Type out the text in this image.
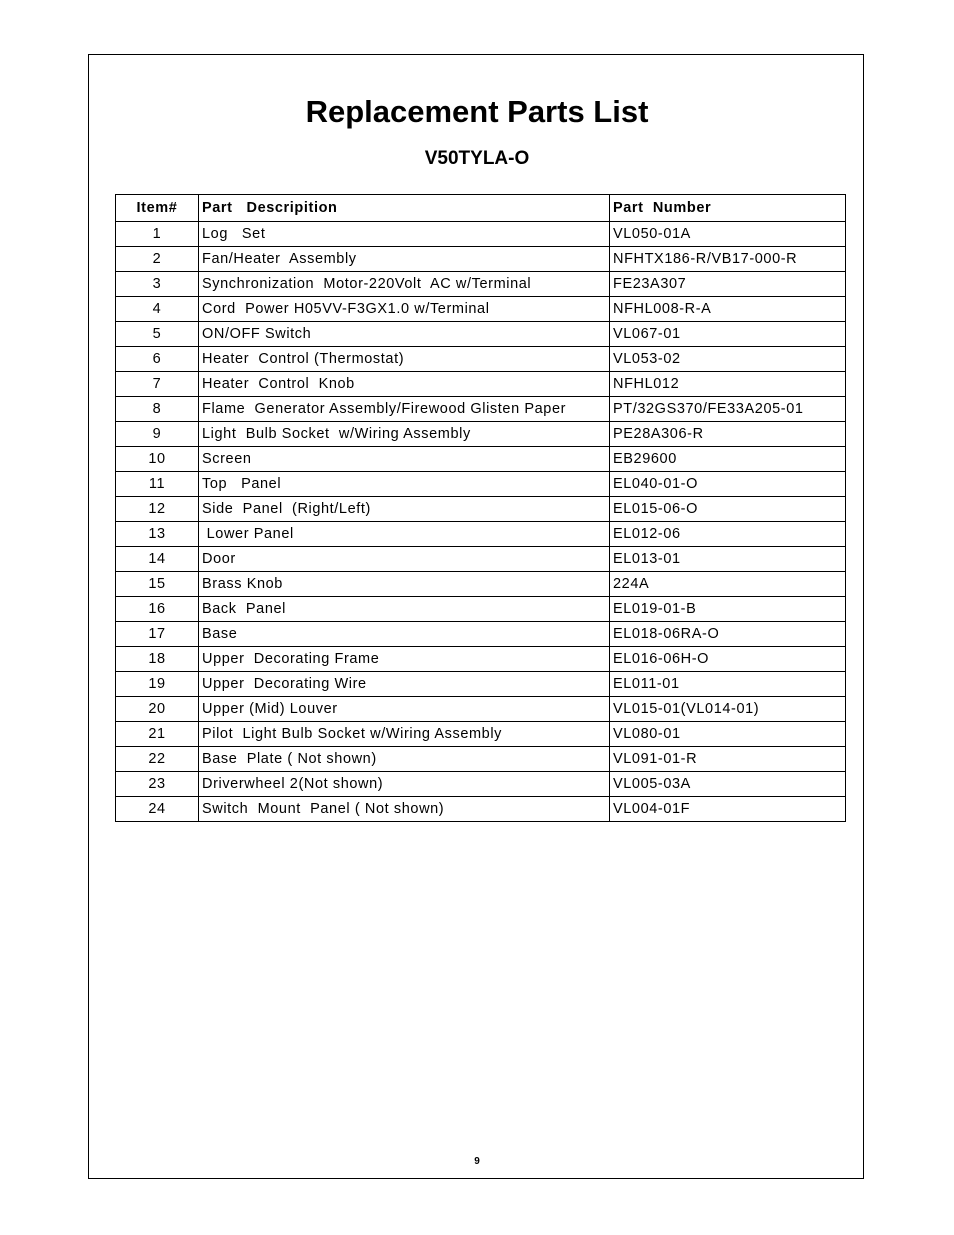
Replacement Parts List
V50TYLA-O
Item#	Part   Descripition	Part  Number
1	Log   Set	VL050-01A
2	Fan/Heater  Assembly	NFHTX186-R/VB17-000-R
3	Synchronization  Motor-220Volt  AC w/Terminal	FE23A307
4	Cord  Power H05VV-F3GX1.0 w/Terminal	NFHL008-R-A
5	ON/OFF Switch	VL067-01
6	Heater  Control (Thermostat)	VL053-02
7	Heater  Control  Knob	NFHL012
8	Flame  Generator Assembly/Firewood Glisten Paper	PT/32GS370/FE33A205-01
9	Light  Bulb Socket  w/Wiring Assembly	PE28A306-R
10	Screen	EB29600
11	Top   Panel	EL040-01-O
12	Side  Panel  (Right/Left)	EL015-06-O
13	Lower Panel	EL012-06
14	Door	EL013-01
15	Brass Knob	224A
16	Back  Panel	EL019-01-B
17	Base	EL018-06RA-O
18	Upper  Decorating Frame	EL016-06H-O
19	Upper  Decorating Wire	EL011-01
20	Upper (Mid) Louver	VL015-01(VL014-01)
21	Pilot  Light Bulb Socket w/Wiring Assembly	VL080-01
22	Base  Plate ( Not shown)	VL091-01-R
23	Driverwheel 2(Not shown)	VL005-03A
24	Switch  Mount  Panel ( Not shown)	VL004-01F
9
